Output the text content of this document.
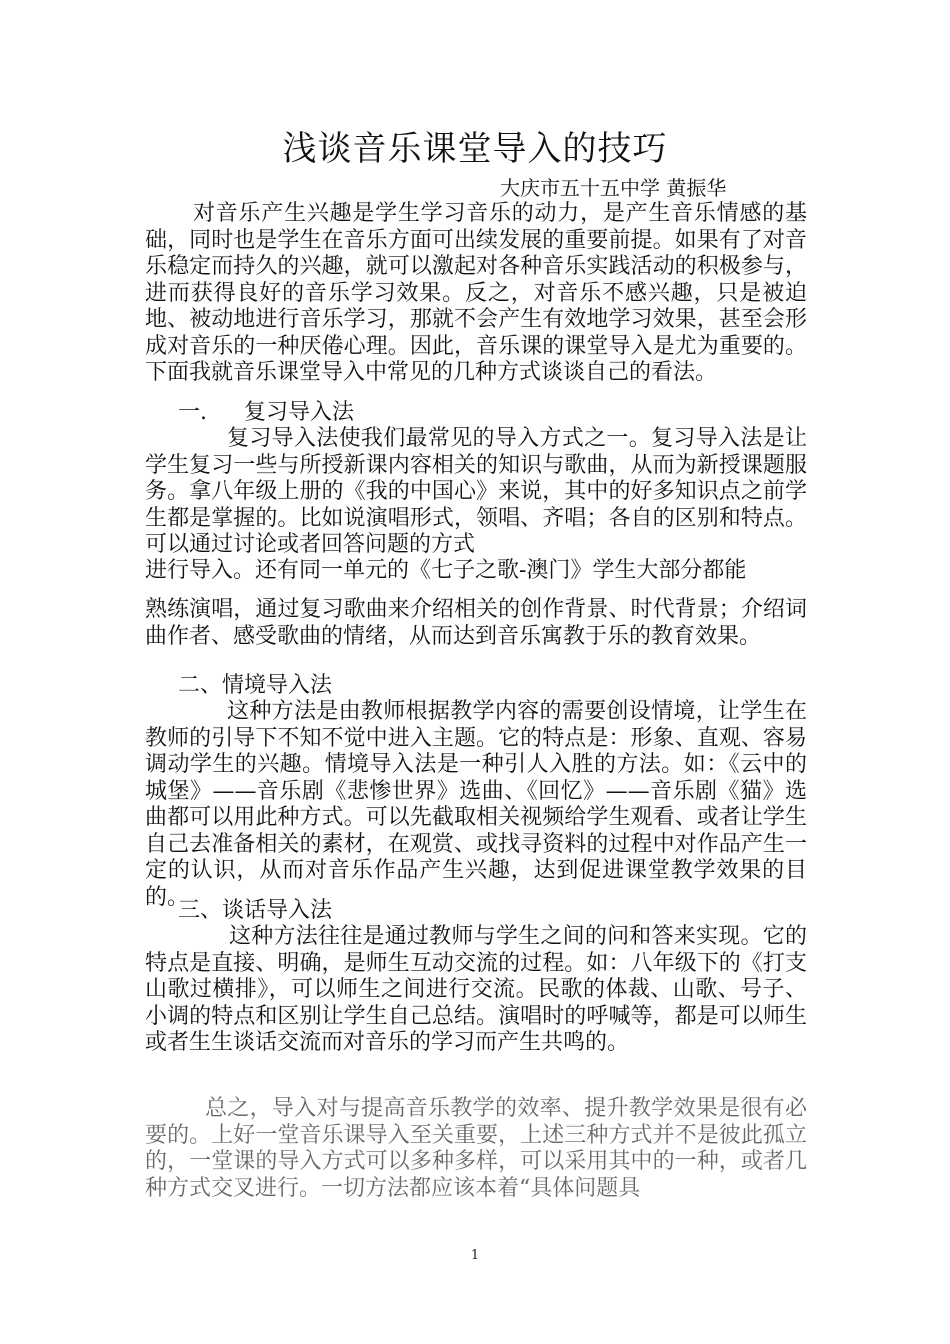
浅谈音乐课堂导入的技巧
大庆市五十五中学 黄振华
对音乐产生兴趣是学生学习音乐的动力，是产生音乐情感的基础，同时也是学生在音乐方面可出续发展的重要前提。如果有了对音乐稳定而持久的兴趣，就可以激起对各种音乐实践活动的积极参与，进而获得良好的音乐学习效果。反之，对音乐不感兴趣，只是被迫地、被动地进行音乐学习，那就不会产生有效地学习效果，甚至会形成对音乐的一种厌倦心理。因此，音乐课的课堂导入是尤为重要的。下面我就音乐课堂导入中常见的几种方式谈谈自己的看法。
一. 复习导入法
复习导入法使我们最常见的导入方式之一。复习导入法是让学生复习一些与所授新课内容相关的知识与歌曲，从而为新授课题服务。拿八年级上册的《我的中国心》来说，其中的好多知识点之前学生都是掌握的。比如说演唱形式，领唱、齐唱；各自的区别和特点。可以通过讨论或者回答问题的方式
进行导入。还有同一单元的《七子之歌-澳门》学生大部分都能
熟练演唱，通过复习歌曲来介绍相关的创作背景、时代背景；介绍词曲作者、感受歌曲的情绪，从而达到音乐寓教于乐的教育效果。
二、情境导入法
这种方法是由教师根据教学内容的需要创设情境，让学生在教师的引导下不知不觉中进入主题。它的特点是：形象、直观、容易调动学生的兴趣。情境导入法是一种引人入胜的方法。如：《云中的城堡》——音乐剧《悲惨世界》选曲、《回忆》——音乐剧《猫》选曲都可以用此种方式。可以先截取相关视频给学生观看、或者让学生自己去准备相关的素材，在观赏、或找寻资料的过程中对作品产生一定的认识，从而对音乐作品产生兴趣，达到促进课堂教学效果的目的。
三、谈话导入法
这种方法往往是通过教师与学生之间的问和答来实现。它的特点是直接、明确，是师生互动交流的过程。如：八年级下的《打支山歌过横排》，可以师生之间进行交流。民歌的体裁、山歌、号子、小调的特点和区别让学生自己总结。演唱时的呼喊等，都是可以师生或者生生谈话交流而对音乐的学习而产生共鸣的。
总之，导入对与提高音乐教学的效率、提升教学效果是很有必要的。上好一堂音乐课导入至关重要，上述三种方式并不是彼此孤立的，一堂课的导入方式可以多种多样，可以采用其中的一种，或者几种方式交叉进行。一切方法都应该本着“具体问题具
1
